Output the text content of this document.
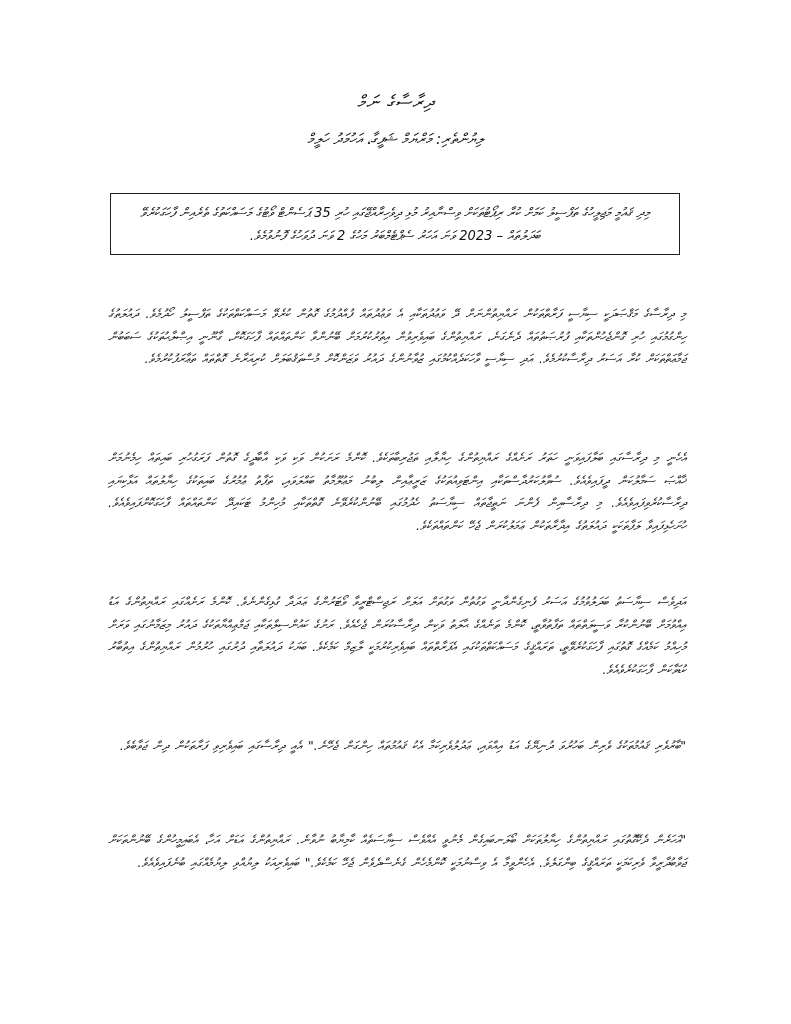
ދިރާސާގެ ނަމް
ލިޔުންތެރި: މަރްޔަމް ޝަފީގާ، އަހުމަދު ހަލީމް
މިދި ޤައުމީ މަޖިލީހުގެ ތަފްސީލު ކަމަށް ކުރާ ރިޕޯޓުތަކަށް ވިސްނާއިރު މުޅި ދިވެހިރާއްޖޭގައި ހުރި 35 ޕަސެންޓް ވޯޓުގެ މަސައްކަތުގެ ތެރެއިން ފާހަގަކުރެވޭ ބަދަލުތައް – 2023 ވަނަ އަހަރު ސެޕްޓެމްބަރު މަހުގެ 2 ވަނަ ދުވަހުގެ ފޮނުވުމެވެ.

މި ދިރާސާގެ މަޤްޞަދަކީ ސިޔާސީ ފަރާތްތަކުން ރައްޔިތުންނަށް ދޭ ވަޢުދުތަކާއި އެ ވަޢުދުތައް ފުއްދުމުގެ ގޮތުން ކުރެވޭ މަސައްކަތްތަކުގެ ތަފްސީލު ހޯދުމެވެ. ދައުލަތުގެ ހިންގުމުގައި ހުރި ގޮންޖެހުންތަކާއި ފުރުޞަތުތައް ދެނެގަނެ، ރައްޔިތުންގެ ބައިވެރިވުން އިތުރުކުރުމަށް ބޭނުންވާ ކަންތައްތައް ފާހަގަކޮށް، ގާނޫނީ އިޞްލާޙުތަކުގެ ސަބަބުން ޖަމާޢަތްތަކަށް ކުރާ އަސަރު ދިރާސާކުރުމެވެ. އަދި ސިޔާސީ ވާހަކަދެއްކުމުގައި ޒުވާނުންގެ ދައުރު ވަޒަންކޮށް މުސްތަޤުބަލަށް ކުރިއަރާނެ ގޮތްތައް ތަޢާރަފުކުރުމެވެ.

އެހެނީ މި ދިރާސާގައި ބަލާފައިވަނީ ހަތަރު ރަށެއްގެ ރައްޔިތުންގެ ހިޔާލާއި ތަޖުރިބާތަކެވެ. ކޮންމެ ރަށަކުން ވަކި ވަކި އާބާދީގެ ގޮތުން ފަރަގުހުރި ބައިތައް ހިމެނުމަށް ޚާއްޞަ ސަމާލުކަން ދީފައިވެއެވެ. ސުވާލުކަރުދާސްތަކާއި އިންޓަވިއުތަކުގެ ޒަރީޢާއިން ލިބުނު މަޢުލޫމާތު ބައްލަވައި، ތަފާތު ޢުމުރުގެ ބައިތަކުގެ ހިޔާލުތައް އަޅާކިޔައި ދިރާސާކުރެވިފައިވެއެވެ. މި ދިރާސާއިން ފެންނަ ނަތީޖާތައް ސިޔާސަތު ހެދުމުގައި ބޭނުންކުރެވޭނެ ގޮތްތަކާއި މުހިންމު ޓަކައިދޭ ކަންތައްތައް ފާހަގަކޮށްފައިވެއެވެ. ހުށަހެޅިފައިވާ ލަފާތަކަކީ ދައުލަތުގެ އިދާރާތަކުން ޢަމަލުކުރަން ޖެހޭ ކަންތައްތަކެވެ.

އަދިވެސް ސިޔާސަތު ބަދަލުވުމުގެ އަސަރު ފެނިގެންދާނީ ވަގުތުން ވަގުތަށް އަލަށް ރަޖިސްޓްރީވާ ވޯޓަރުންގެ ޢަދަދާ ގުޅިގެންނެވެ. ކޮންމެ ރަށެއްގައި ރައްޔިތުންގެ އަޑު އިއްވުމަށް ބޭނުންކުރާ ވަސީލަތްތައް ތަފާތުވާތީ، ކޮންމެ ތަނެއްގެ ޙާލަތު ވަކިން ދިރާސާކުރަން ޖެހެއެވެ. ރަށުގެ ކައުންސިލްތަކާއި ޖަމްޢިއްޔާތަކުގެ ދައުރު މިޒަމާނުގައި ވަރަށް މުހިއްމު ކަމެއްގެ ގޮތުގައި ފާހަގަކުރެވޭތީ، ތަރައްޤީގެ މަސައްކަތްތަކުގައި އެފަރާތްތައް ބައިވެރިކުރުމަކީ ލާޒިމް ކަމެކެވެ. ބަޔަކު ދައުލަތާއި ދުރުގައި ހުރުމުން ރައްޔިތުންގެ އިތުބާރު ކުޑަވާކަން ފާހަގަކުރެވެއެވެ.

"ބާރުވެރި ޤައުމުތަކުގެ ވެރިން ބަހުރުވަ ދުނިޔޭގެ އަޑު އިއްވައި، ޢަދުލުވެރިކަމާ އެކު ޤައުމުތައް ހިންގަން ޖެހޭނެ." އެއީ ދިރާސާގައި ބައިވެރިވި ފަރާތަކުން ދިން ޖަވާބެވެ.

"އަހަރެން ދެކޭގޮތުގައި ރައްޔިތުންގެ ހިޔާލުތަކަށް ބޯލަނބައިގެން މެނުވީ އެއްވެސް ސިޔާސަތެއް ކާމިޔާބު ނުވާނެ. ރައްޔިތުންގެ އަޑަށް އަހާ، އެބައިމީހުންގެ ބޭނުންތަކަށް ޖަވާބުދާރީވާ ވެރިކަމަކީ ތަރައްޤީގެ ބިންގަލެވެ. އެހެންވީމާ އެ ވިސްނުމަކީ ކޮންމެހެން ގެނެސްދެވެން ޖެހޭ ކަމެކެވެ." ބައިވެރިއަކު ލިޔުއްވި ލިޔުމެއްގައި ބުނެފައިވެއެވެ.
